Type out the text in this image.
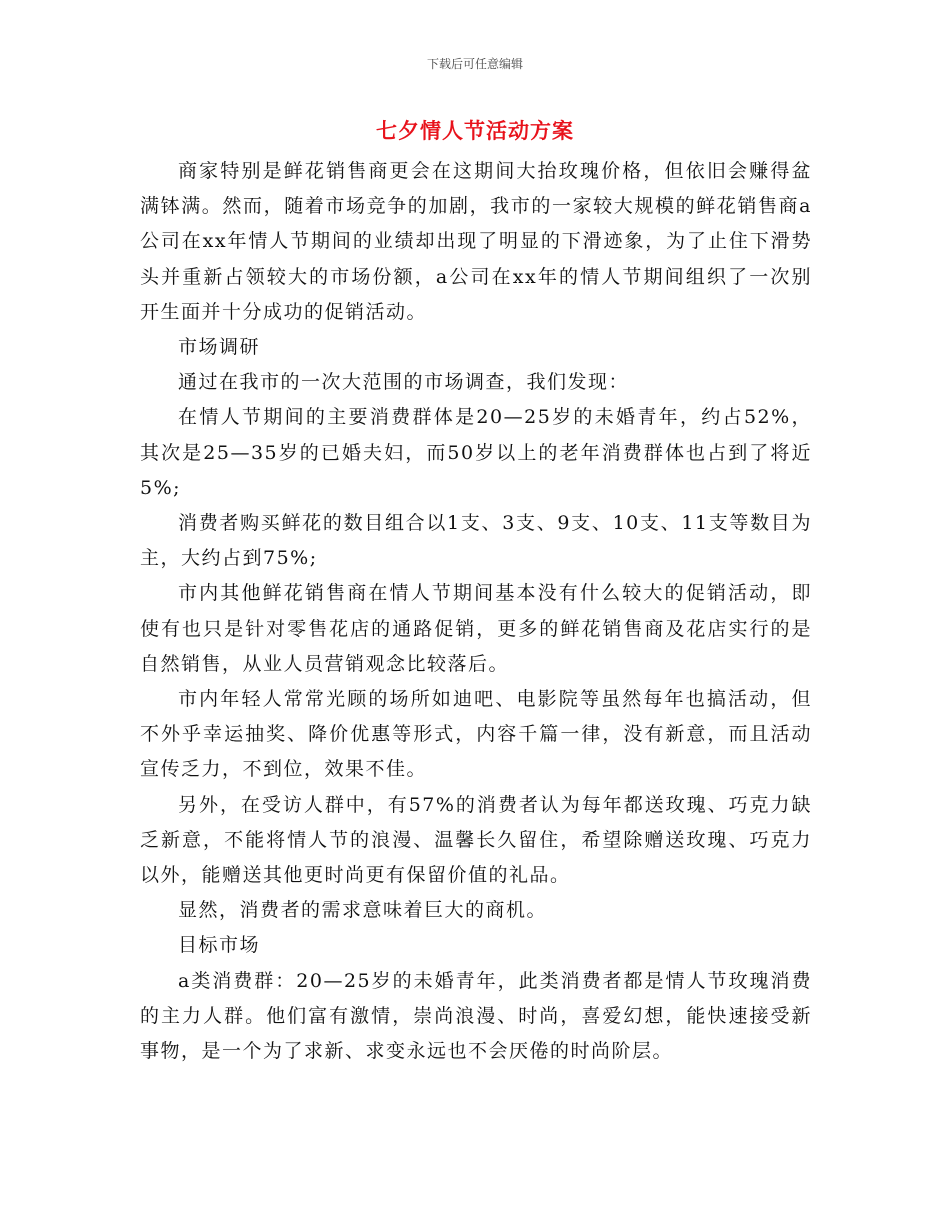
下载后可任意编辑
七夕情人节活动方案

商家特别是鲜花销售商更会在这期间大抬玫瑰价格，但依旧会赚得盆满钵满。然而，随着市场竞争的加剧，我市的一家较大规模的鲜花销售商a公司在xx年情人节期间的业绩却出现了明显的下滑迹象，为了止住下滑势头并重新占领较大的市场份额，a公司在xx年的情人节期间组织了一次别开生面并十分成功的促销活动。

市场调研

通过在我市的一次大范围的市场调查，我们发现：

在情人节期间的主要消费群体是20—25岁的未婚青年，约占52%，其次是25—35岁的已婚夫妇，而50岁以上的老年消费群体也占到了将近5%;

消费者购买鲜花的数目组合以1支、3支、9支、10支、11支等数目为主，大约占到75%;

市内其他鲜花销售商在情人节期间基本没有什么较大的促销活动，即使有也只是针对零售花店的通路促销，更多的鲜花销售商及花店实行的是自然销售，从业人员营销观念比较落后。

市内年轻人常常光顾的场所如迪吧、电影院等虽然每年也搞活动，但不外乎幸运抽奖、降价优惠等形式，内容千篇一律，没有新意，而且活动宣传乏力，不到位，效果不佳。

另外，在受访人群中，有57%的消费者认为每年都送玫瑰、巧克力缺乏新意，不能将情人节的浪漫、温馨长久留住，希望除赠送玫瑰、巧克力以外，能赠送其他更时尚更有保留价值的礼品。

显然，消费者的需求意味着巨大的商机。

目标市场

a类消费群：20—25岁的未婚青年，此类消费者都是情人节玫瑰消费的主力人群。他们富有激情，崇尚浪漫、时尚，喜爱幻想，能快速接受新事物，是一个为了求新、求变永远也不会厌倦的时尚阶层。
